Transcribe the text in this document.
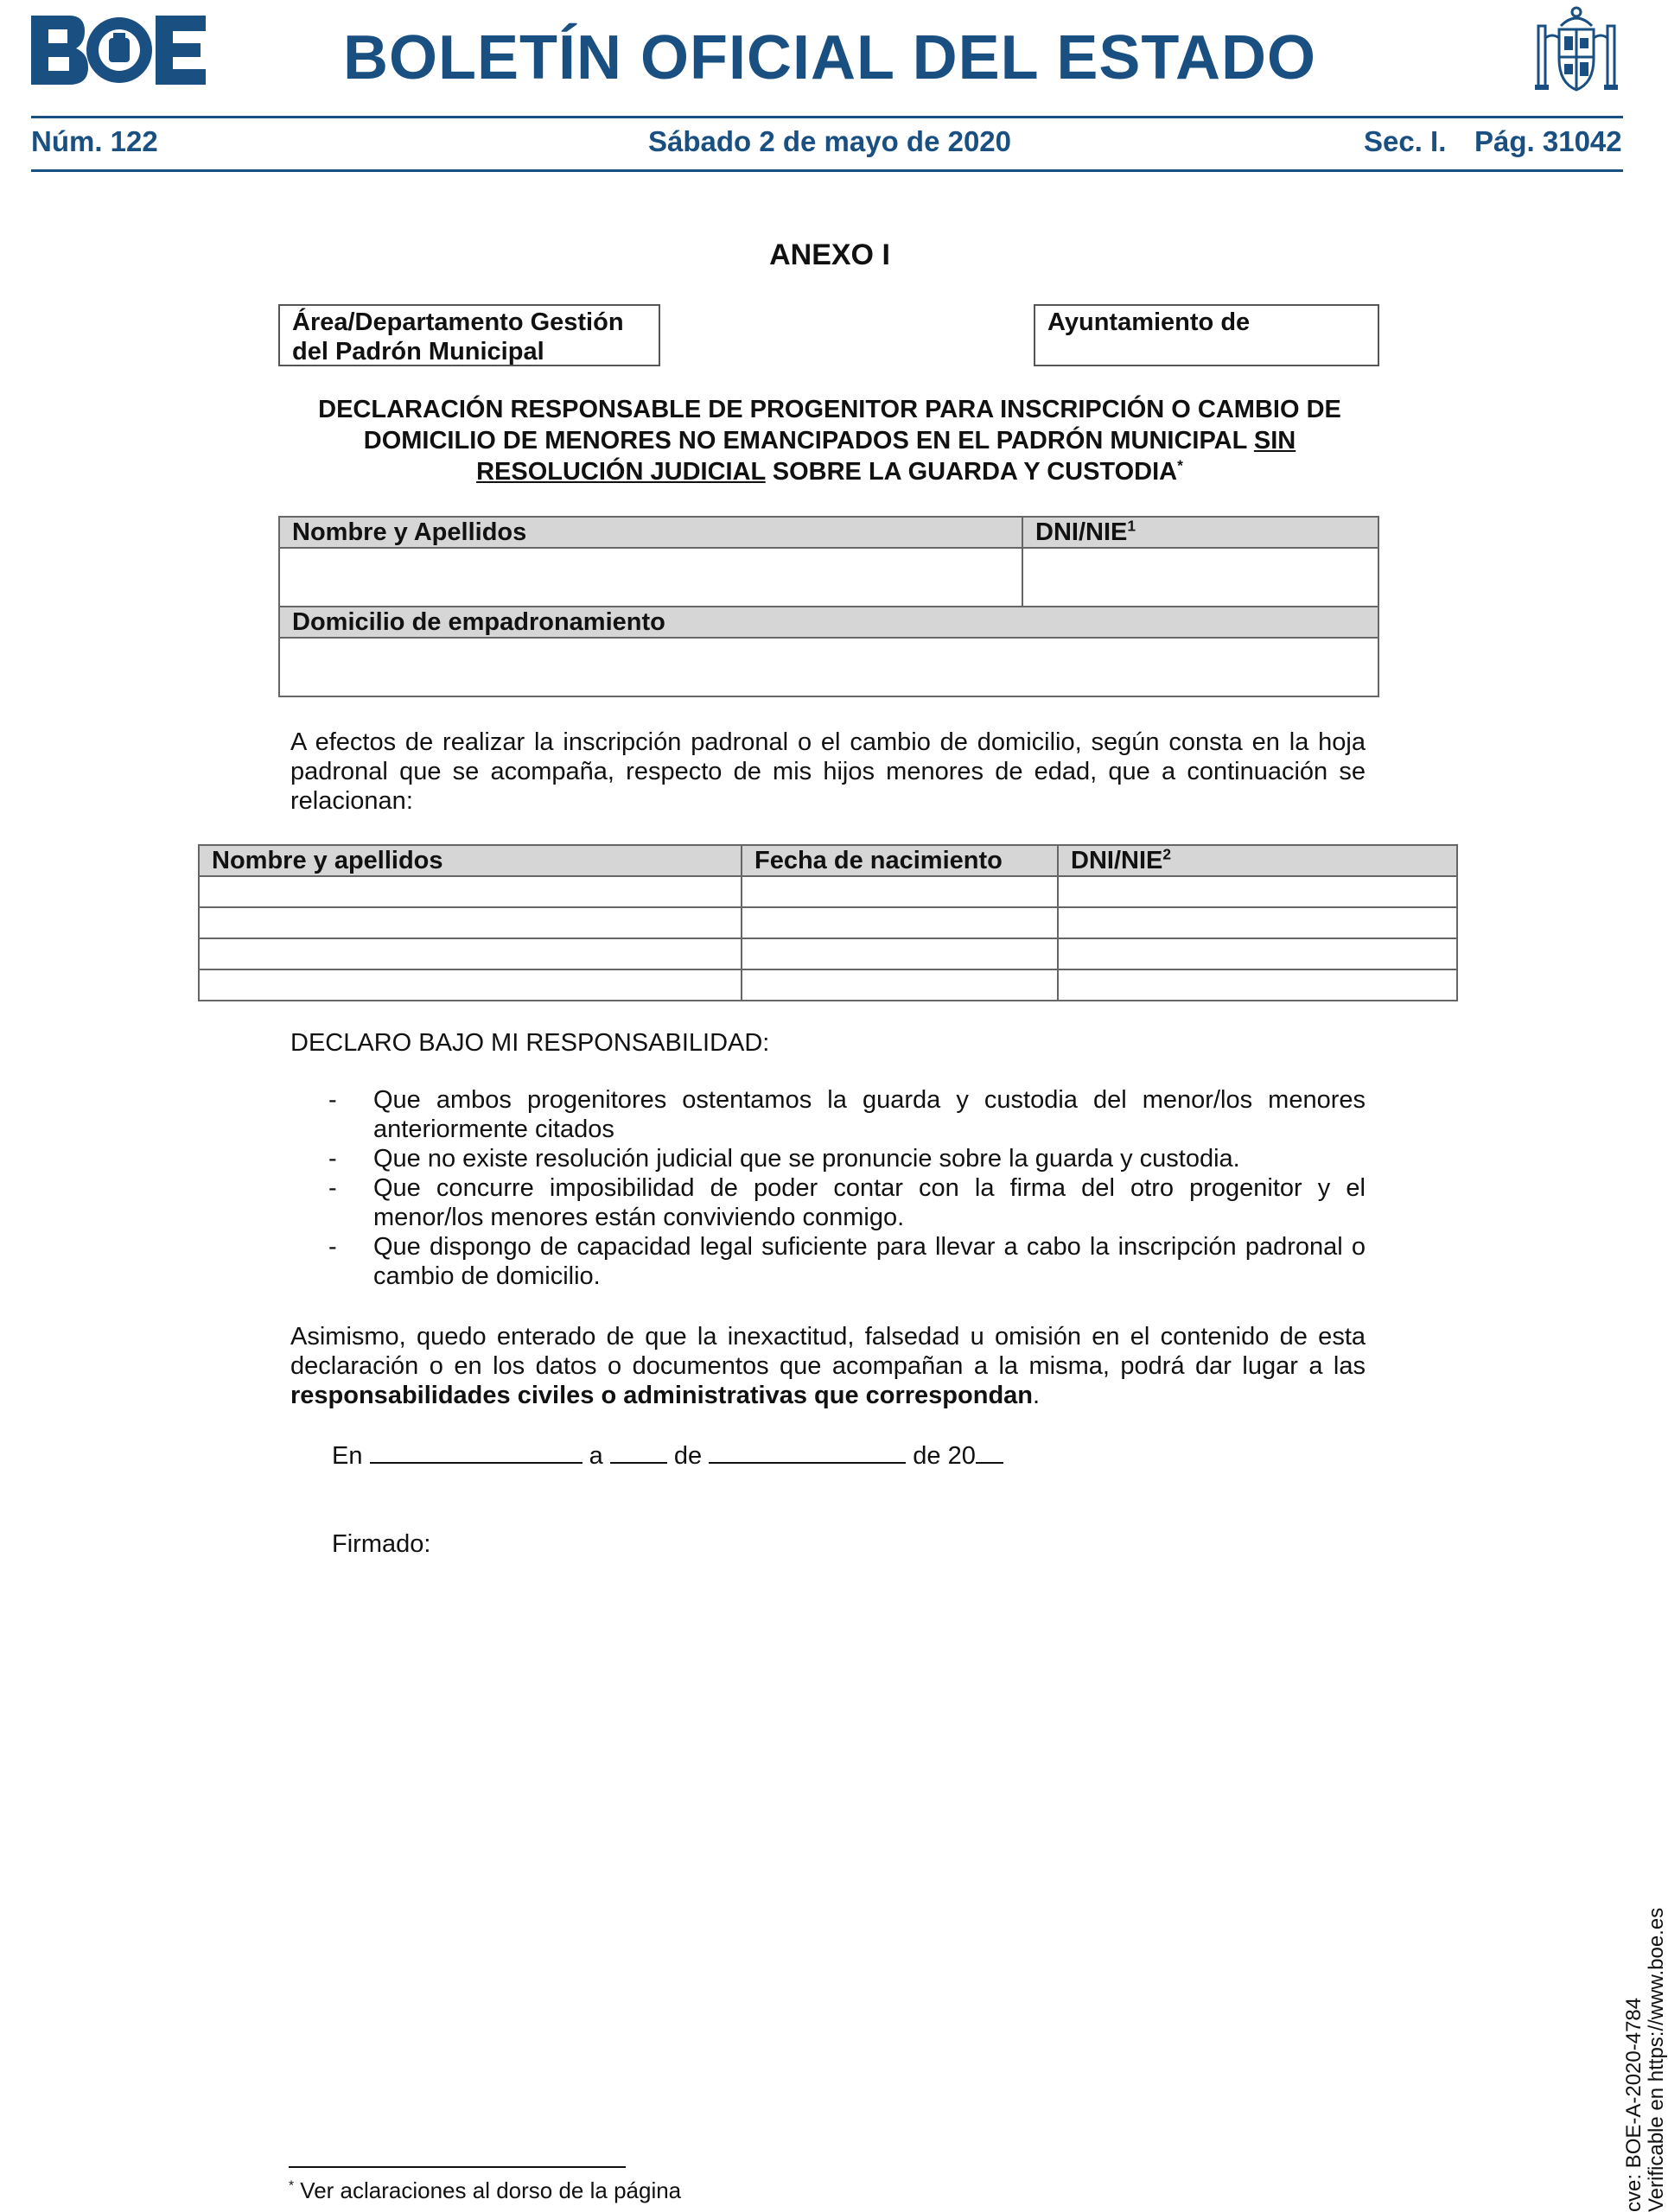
BOLETÍN OFICIAL DEL ESTADO
Núm. 122	Sábado 2 de mayo de 2020	Sec. I. Pág. 31042
ANEXO I
Área/Departamento Gestión del Padrón Municipal
Ayuntamiento de
DECLARACIÓN RESPONSABLE DE PROGENITOR PARA INSCRIPCIÓN O CAMBIO DE
DOMICILIO DE MENORES NO EMANCIPADOS EN EL PADRÓN MUNICIPAL SIN
RESOLUCIÓN JUDICIAL SOBRE LA GUARDA Y CUSTODIA*
Nombre y Apellidos	DNI/NIE$^1$

Domicilio de empadronamiento	

A efectos de realizar la inscripción padronal o el cambio de domicilio, según consta en la hoja padronal que se acompaña, respecto de mis hijos menores de edad, que a continuación se relacionan:
Nombre y apellidos	Fecha de nacimiento	DNI/NIE$^2$

DECLARO BAJO MI RESPONSABILIDAD:
- Que ambos progenitores ostentamos la guarda y custodia del menor/los menores anteriormente citados
- Que no existe resolución judicial que se pronuncie sobre la guarda y custodia.
- Que concurre imposibilidad de poder contar con la firma del otro progenitor y el menor/los menores están conviviendo conmigo.
- Que dispongo de capacidad legal suficiente para llevar a cabo la inscripción padronal o cambio de domicilio.
Asimismo, quedo enterado de que la inexactitud, falsedad u omisión en el contenido de esta declaración o en los datos o documentos que acompañan a la misma, podrá dar lugar a las responsabilidades civiles o administrativas que correspondan.
En	a	de	de 20
Firmado:
* Ver aclaraciones al dorso de la página	cve: BOE-A-2020-4784 Verificable en https://www.boe.es
